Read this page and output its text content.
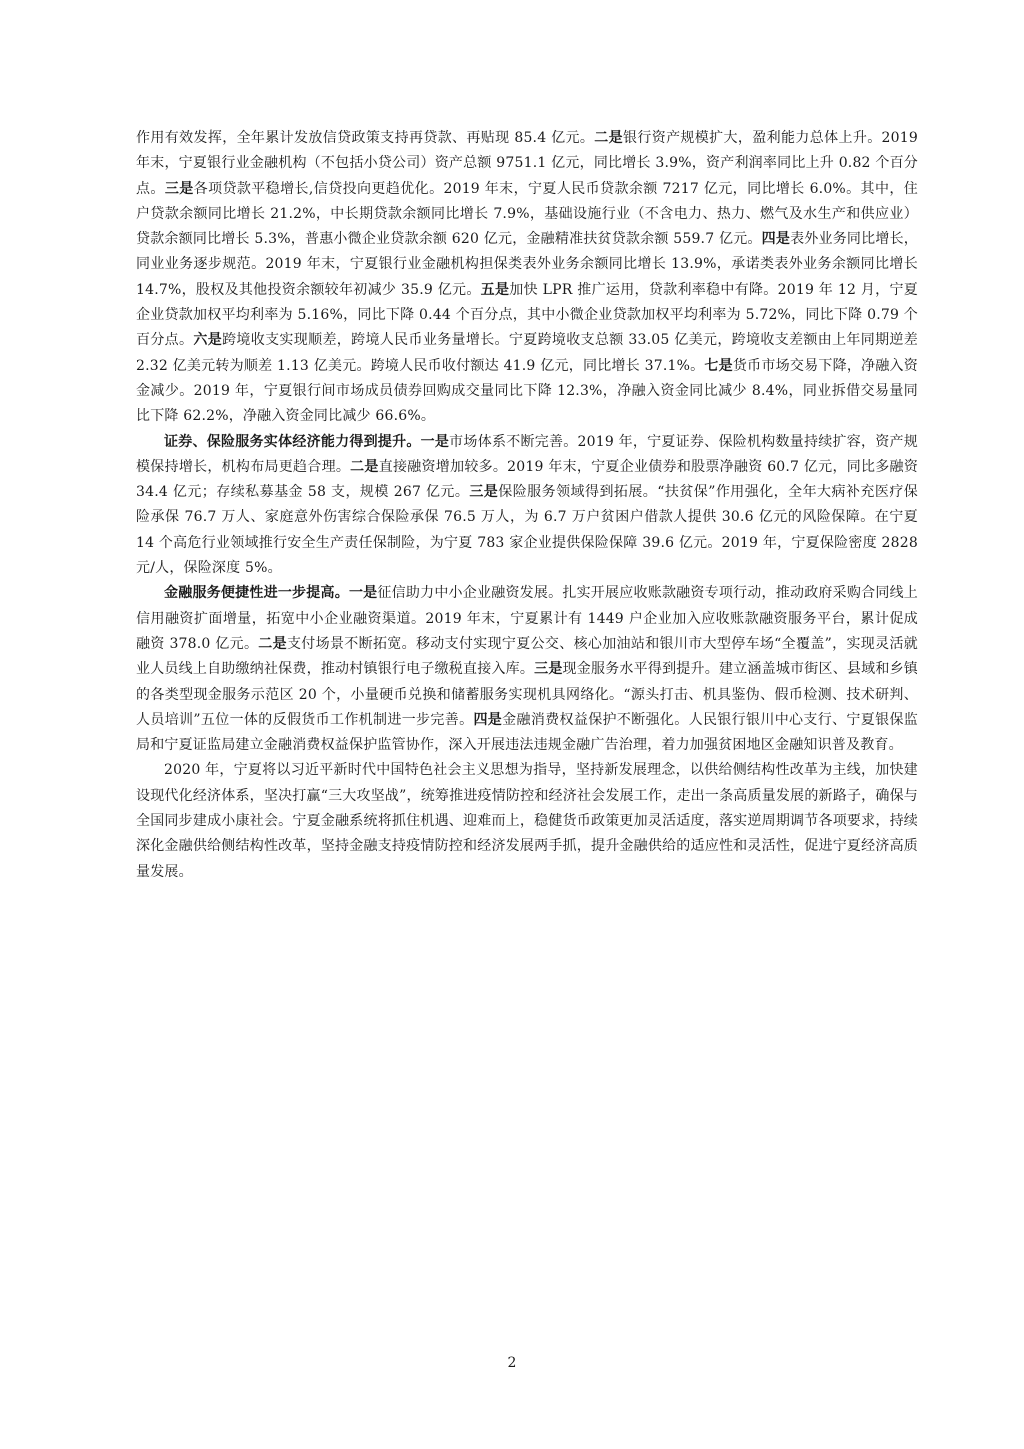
作用有效发挥，全年累计发放信贷政策支持再贷款、再贴现 85.4 亿元。二是银行资产规模扩大，盈利能力总体上升。2019 年末，宁夏银行业金融机构（不包括小贷公司）资产总额 9751.1 亿元，同比增长 3.9%，资产利润率同比上升 0.82 个百分点。三是各项贷款平稳增长,信贷投向更趋优化。2019 年末，宁夏人民币贷款余额 7217 亿元，同比增长 6.0%。其中，住户贷款余额同比增长 21.2%，中长期贷款余额同比增长 7.9%，基础设施行业（不含电力、热力、燃气及水生产和供应业）贷款余额同比增长 5.3%，普惠小微企业贷款余额 620 亿元，金融精准扶贫贷款余额 559.7 亿元。四是表外业务同比增长，同业业务逐步规范。2019 年末，宁夏银行业金融机构担保类表外业务余额同比增长 13.9%，承诺类表外业务余额同比增长 14.7%，股权及其他投资余额较年初减少 35.9 亿元。五是加快 LPR 推广运用，贷款利率稳中有降。2019 年 12 月，宁夏企业贷款加权平均利率为 5.16%，同比下降 0.44 个百分点，其中小微企业贷款加权平均利率为 5.72%，同比下降 0.79 个百分点。六是跨境收支实现顺差，跨境人民币业务量增长。宁夏跨境收支总额 33.05 亿美元，跨境收支差额由上年同期逆差 2.32 亿美元转为顺差 1.13 亿美元。跨境人民币收付额达 41.9 亿元，同比增长 37.1%。七是货币市场交易下降，净融入资金减少。2019 年，宁夏银行间市场成员债券回购成交量同比下降 12.3%，净融入资金同比减少 8.4%，同业拆借交易量同比下降 62.2%，净融入资金同比减少 66.6%。

证券、保险服务实体经济能力得到提升。一是市场体系不断完善。2019 年，宁夏证券、保险机构数量持续扩容，资产规模保持增长，机构布局更趋合理。二是直接融资增加较多。2019 年末，宁夏企业债券和股票净融资 60.7 亿元，同比多融资 34.4 亿元；存续私募基金 58 支，规模 267 亿元。三是保险服务领域得到拓展。“扶贫保”作用强化，全年大病补充医疗保险承保 76.7 万人、家庭意外伤害综合保险承保 76.5 万人，为 6.7 万户贫困户借款人提供 30.6 亿元的风险保障。在宁夏 14 个高危行业领域推行安全生产责任保制险，为宁夏 783 家企业提供保险保障 39.6 亿元。2019 年，宁夏保险密度 2828 元/人，保险深度 5%。

金融服务便捷性进一步提高。一是征信助力中小企业融资发展。扎实开展应收账款融资专项行动，推动政府采购合同线上信用融资扩面增量，拓宽中小企业融资渠道。2019 年末，宁夏累计有 1449 户企业加入应收账款融资服务平台，累计促成融资 378.0 亿元。二是支付场景不断拓宽。移动支付实现宁夏公交、核心加油站和银川市大型停车场“全覆盖”，实现灵活就业人员线上自助缴纳社保费，推动村镇银行电子缴税直接入库。三是现金服务水平得到提升。建立涵盖城市街区、县域和乡镇的各类型现金服务示范区 20 个，小量硬币兑换和储蓄服务实现机具网络化。“源头打击、机具鉴伪、假币检测、技术研判、人员培训”五位一体的反假货币工作机制进一步完善。四是金融消费权益保护不断强化。人民银行银川中心支行、宁夏银保监局和宁夏证监局建立金融消费权益保护监管协作，深入开展违法违规金融广告治理，着力加强贫困地区金融知识普及教育。

2020 年，宁夏将以习近平新时代中国特色社会主义思想为指导，坚持新发展理念，以供给侧结构性改革为主线，加快建设现代化经济体系，坚决打赢“三大攻坚战”，统筹推进疫情防控和经济社会发展工作，走出一条高质量发展的新路子，确保与全国同步建成小康社会。宁夏金融系统将抓住机遇、迎难而上，稳健货币政策更加灵活适度，落实逆周期调节各项要求，持续深化金融供给侧结构性改革，坚持金融支持疫情防控和经济发展两手抓，提升金融供给的适应性和灵活性，促进宁夏经济高质量发展。

2
